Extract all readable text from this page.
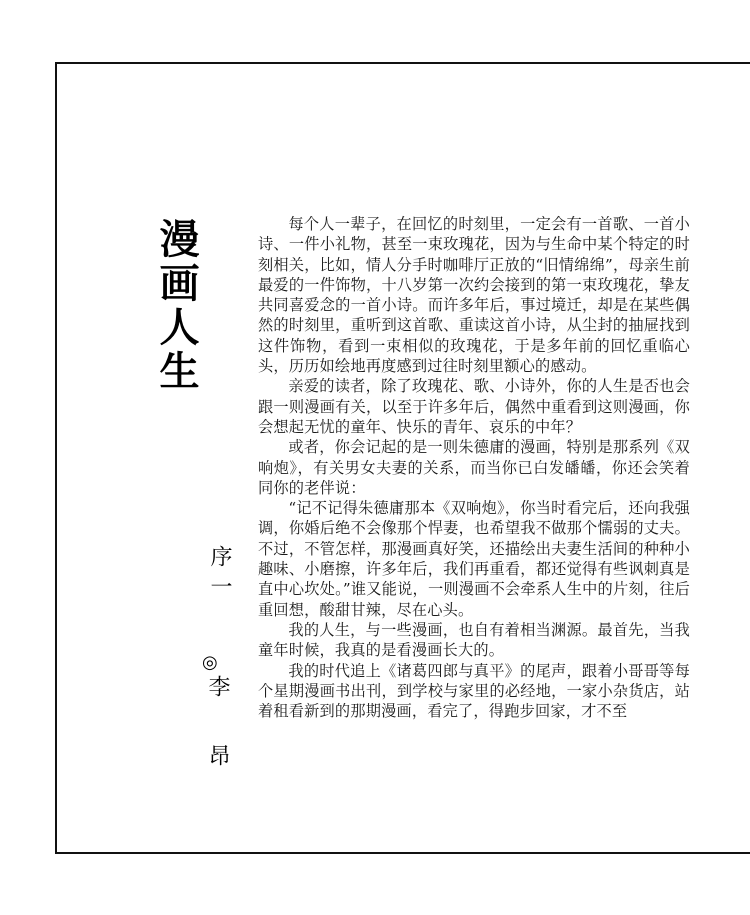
漫画人生
序一
◎
李 昂

每个人一辈子，在回忆的时刻里，一定会有一首歌、一首小诗、一件小礼物，甚至一束玫瑰花，因为与生命中某个特定的时刻相关，比如，情人分手时咖啡厅正放的“旧情绵绵”，母亲生前最爱的一件饰物，十八岁第一次约会接到的第一束玫瑰花，挚友共同喜爱念的一首小诗。而许多年后，事过境迁，却是在某些偶然的时刻里，重听到这首歌、重读这首小诗，从尘封的抽屉找到这件饰物，看到一束相似的玫瑰花，于是多年前的回忆重临心头，历历如绘地再度感到过往时刻里额心的感动。

亲爱的读者，除了玫瑰花、歌、小诗外，你的人生是否也会跟一则漫画有关，以至于许多年后，偶然中重看到这则漫画，你会想起无忧的童年、快乐的青年、哀乐的中年？

或者，你会记起的是一则朱德庸的漫画，特别是那系列《双响炮》，有关男女夫妻的关系，而当你已白发皤皤，你还会笑着同你的老伴说：

“记不记得朱德庸那本《双响炮》，你当时看完后，还向我强调，你婚后绝不会像那个悍妻，也希望我不做那个懦弱的丈夫。不过，不管怎样，那漫画真好笑，还描绘出夫妻生活间的种种小趣味、小磨擦，许多年后，我们再重看，都还觉得有些讽刺真是直中心坎处。”谁又能说，一则漫画不会牵系人生中的片刻，往后重回想，酸甜甘辣，尽在心头。

我的人生，与一些漫画，也自有着相当渊源。最首先，当我童年时候，我真的是看漫画长大的。

我的时代追上《诸葛四郎与真平》的尾声，跟着小哥哥等每个星期漫画书出刊，到学校与家里的必经地，一家小杂货店，站着租看新到的那期漫画，看完了，得跑步回家，才不至
